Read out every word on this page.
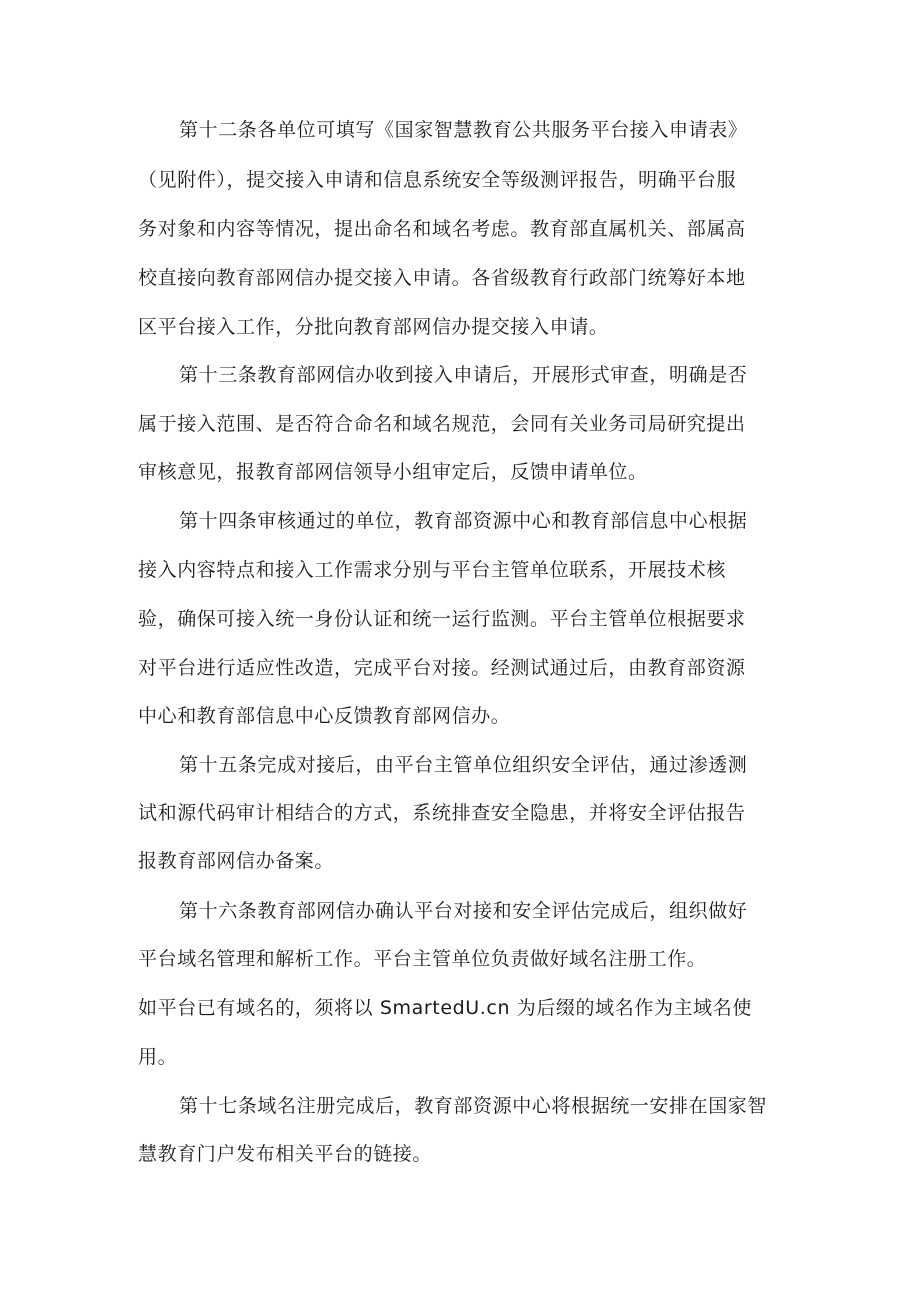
第十二条各单位可填写《国家智慧教育公共服务平台接入申请表》

（见附件），提交接入申请和信息系统安全等级测评报告，明确平台服

务对象和内容等情况，提出命名和域名考虑。教育部直属机关、部属高

校直接向教育部网信办提交接入申请。各省级教育行政部门统筹好本地

区平台接入工作，分批向教育部网信办提交接入申请。

第十三条教育部网信办收到接入申请后，开展形式审查，明确是否

属于接入范围、是否符合命名和域名规范，会同有关业务司局研究提出

审核意见，报教育部网信领导小组审定后，反馈申请单位。

第十四条审核通过的单位，教育部资源中心和教育部信息中心根据

接入内容特点和接入工作需求分别与平台主管单位联系，开展技术核

验，确保可接入统一身份认证和统一运行监测。平台主管单位根据要求

对平台进行适应性改造，完成平台对接。经测试通过后，由教育部资源

中心和教育部信息中心反馈教育部网信办。

第十五条完成对接后，由平台主管单位组织安全评估，通过渗透测

试和源代码审计相结合的方式，系统排查安全隐患，并将安全评估报告

报教育部网信办备案。

第十六条教育部网信办确认平台对接和安全评估完成后，组织做好

平台域名管理和解析工作。平台主管单位负责做好域名注册工作。

如平台已有域名的，须将以 SmartedU.cn 为后缀的域名作为主域名使

用。

第十七条域名注册完成后，教育部资源中心将根据统一安排在国家智

慧教育门户发布相关平台的链接。
